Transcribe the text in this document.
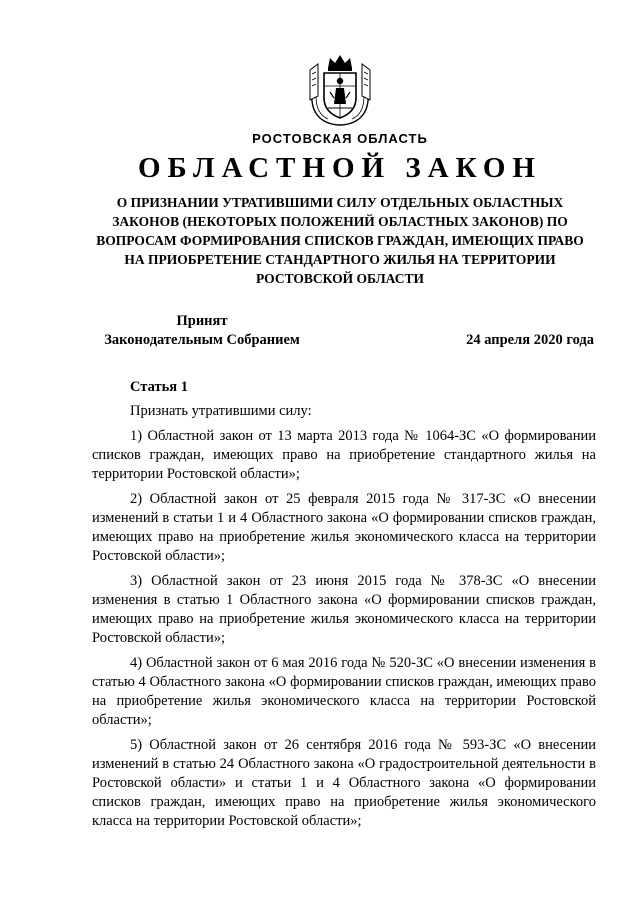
РОСТОВСКАЯ ОБЛАСТЬ
ОБЛАСТНОЙ ЗАКОН
О ПРИЗНАНИИ УТРАТИВШИМИ СИЛУ ОТДЕЛЬНЫХ ОБЛАСТНЫХ ЗАКОНОВ (НЕКОТОРЫХ ПОЛОЖЕНИЙ ОБЛАСТНЫХ ЗАКОНОВ) ПО ВОПРОСАМ ФОРМИРОВАНИЯ СПИСКОВ ГРАЖДАН, ИМЕЮЩИХ ПРАВО НА ПРИОБРЕТЕНИЕ СТАНДАРТНОГО ЖИЛЬЯ НА ТЕРРИТОРИИ РОСТОВСКОЙ ОБЛАСТИ
Принят
Законодательным Собранием	24 апреля 2020 года
Статья 1
Признать утратившими силу:

1) Областной закон от 13 марта 2013 года № 1064-ЗС «О формировании списков граждан, имеющих право на приобретение стандартного жилья на территории Ростовской области»;

2) Областной закон от 25 февраля 2015 года № 317-ЗС «О внесении изменений в статьи 1 и 4 Областного закона «О формировании списков граждан, имеющих право на приобретение жилья экономического класса на территории Ростовской области»;

3) Областной закон от 23 июня 2015 года № 378-ЗС «О внесении изменения в статью 1 Областного закона «О формировании списков граждан, имеющих право на приобретение жилья экономического класса на территории Ростовской области»;

4) Областной закон от 6 мая 2016 года № 520-ЗС «О внесении изменения в статью 4 Областного закона «О формировании списков граждан, имеющих право на приобретение жилья экономического класса на территории Ростовской области»;

5) Областной закон от 26 сентября 2016 года № 593-ЗС «О внесении изменений в статью 24 Областного закона «О градостроительной деятельности в Ростовской области» и статьи 1 и 4 Областного закона «О формировании списков граждан, имеющих право на приобретение жилья экономического класса на территории Ростовской области»;
